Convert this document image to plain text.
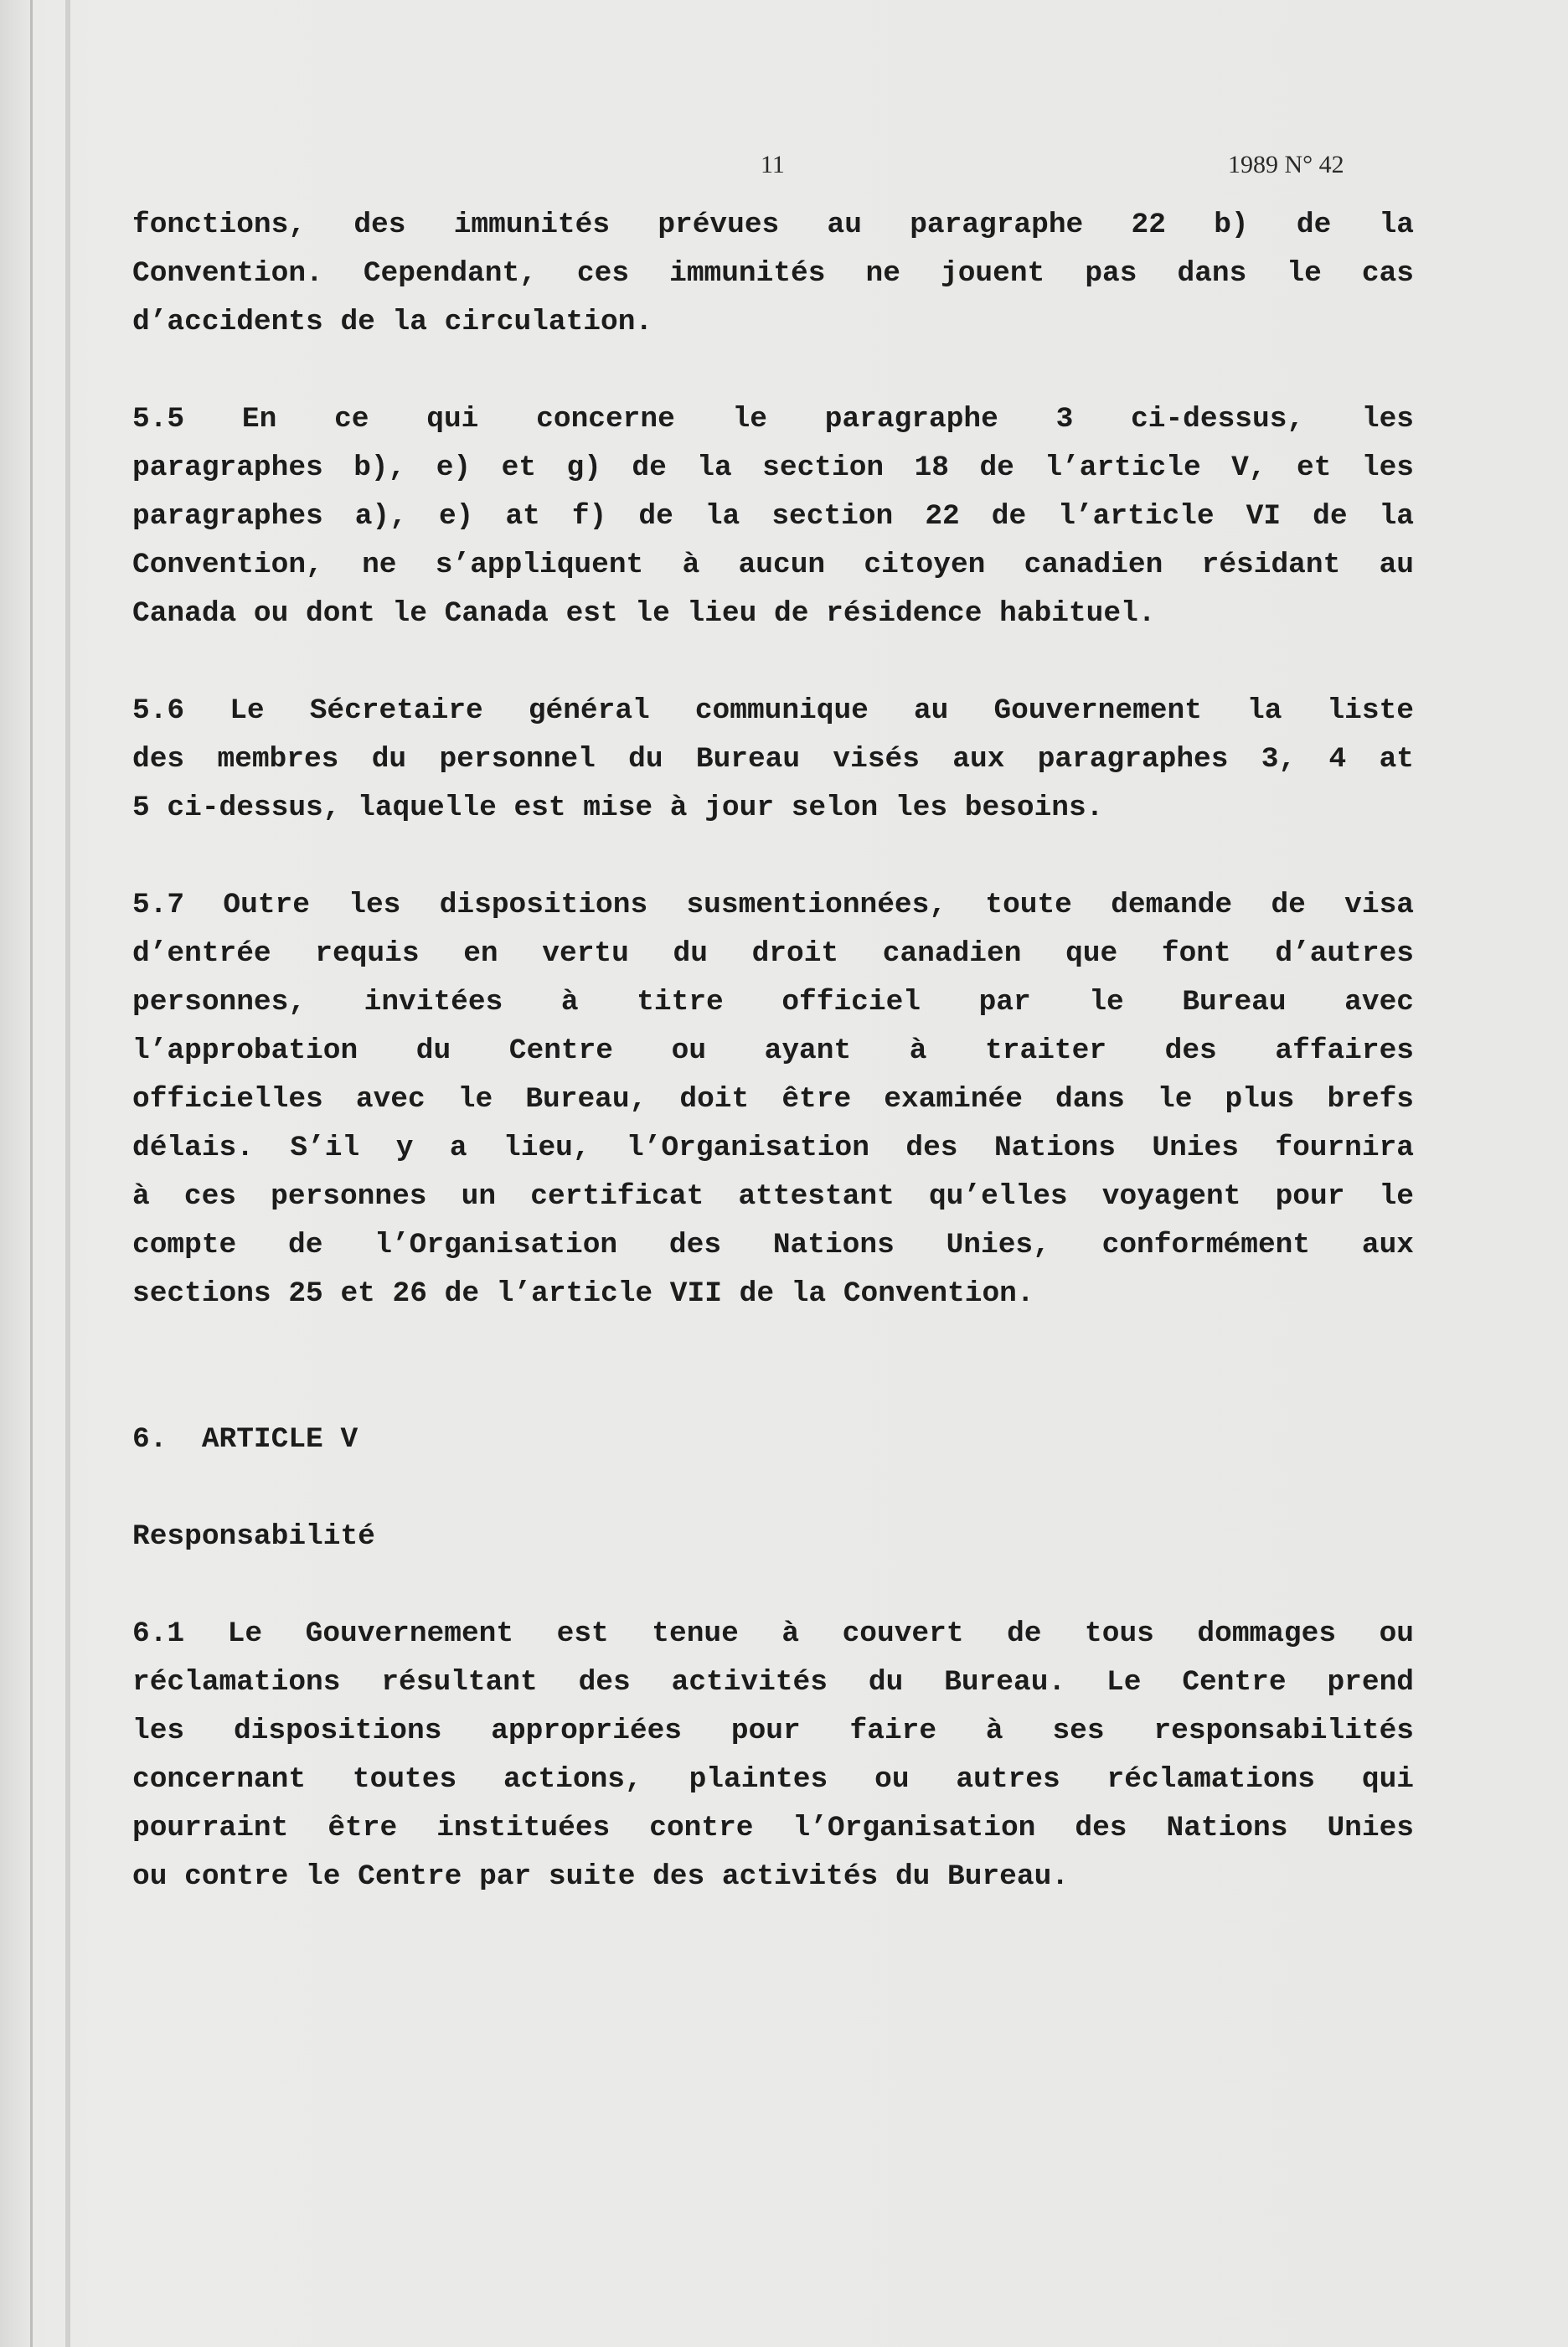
11	1989 N° 42
fonctions, des immunités prévues au paragraphe 22 b) de la
Convention. Cependant, ces immunités ne jouent pas dans le cas
d’accidents de la circulation.
5.5 En ce qui concerne le paragraphe 3 ci-dessus, les
paragraphes b), e) et g) de la section 18 de l’article V, et les
paragraphes a), e) at f) de la section 22 de l’article VI de la
Convention, ne s’appliquent à aucun citoyen canadien résidant au
Canada ou dont le Canada est le lieu de résidence habituel.
5.6 Le Sécretaire général communique au Gouvernement la liste
des membres du personnel du Bureau visés aux paragraphes 3, 4 at
5 ci-dessus, laquelle est mise à jour selon les besoins.
5.7 Outre les dispositions susmentionnées, toute demande de visa
d’entrée requis en vertu du droit canadien que font d’autres
personnes, invitées à titre officiel par le Bureau avec
l’approbation du Centre ou ayant à traiter des affaires
officielles avec le Bureau, doit être examinée dans le plus brefs
délais. S’il y a lieu, l’Organisation des Nations Unies fournira
à ces personnes un certificat attestant qu’elles voyagent pour le
compte de l’Organisation des Nations Unies, conformément aux
sections 25 et 26 de l’article VII de la Convention.
6.  ARTICLE V
Responsabilité
6.1 Le Gouvernement est tenue à couvert de tous dommages ou
réclamations résultant des activités du Bureau. Le Centre prend
les dispositions appropriées pour faire à ses responsabilités
concernant toutes actions, plaintes ou autres réclamations qui
pourraint être instituées contre l’Organisation des Nations Unies
ou contre le Centre par suite des activités du Bureau.
